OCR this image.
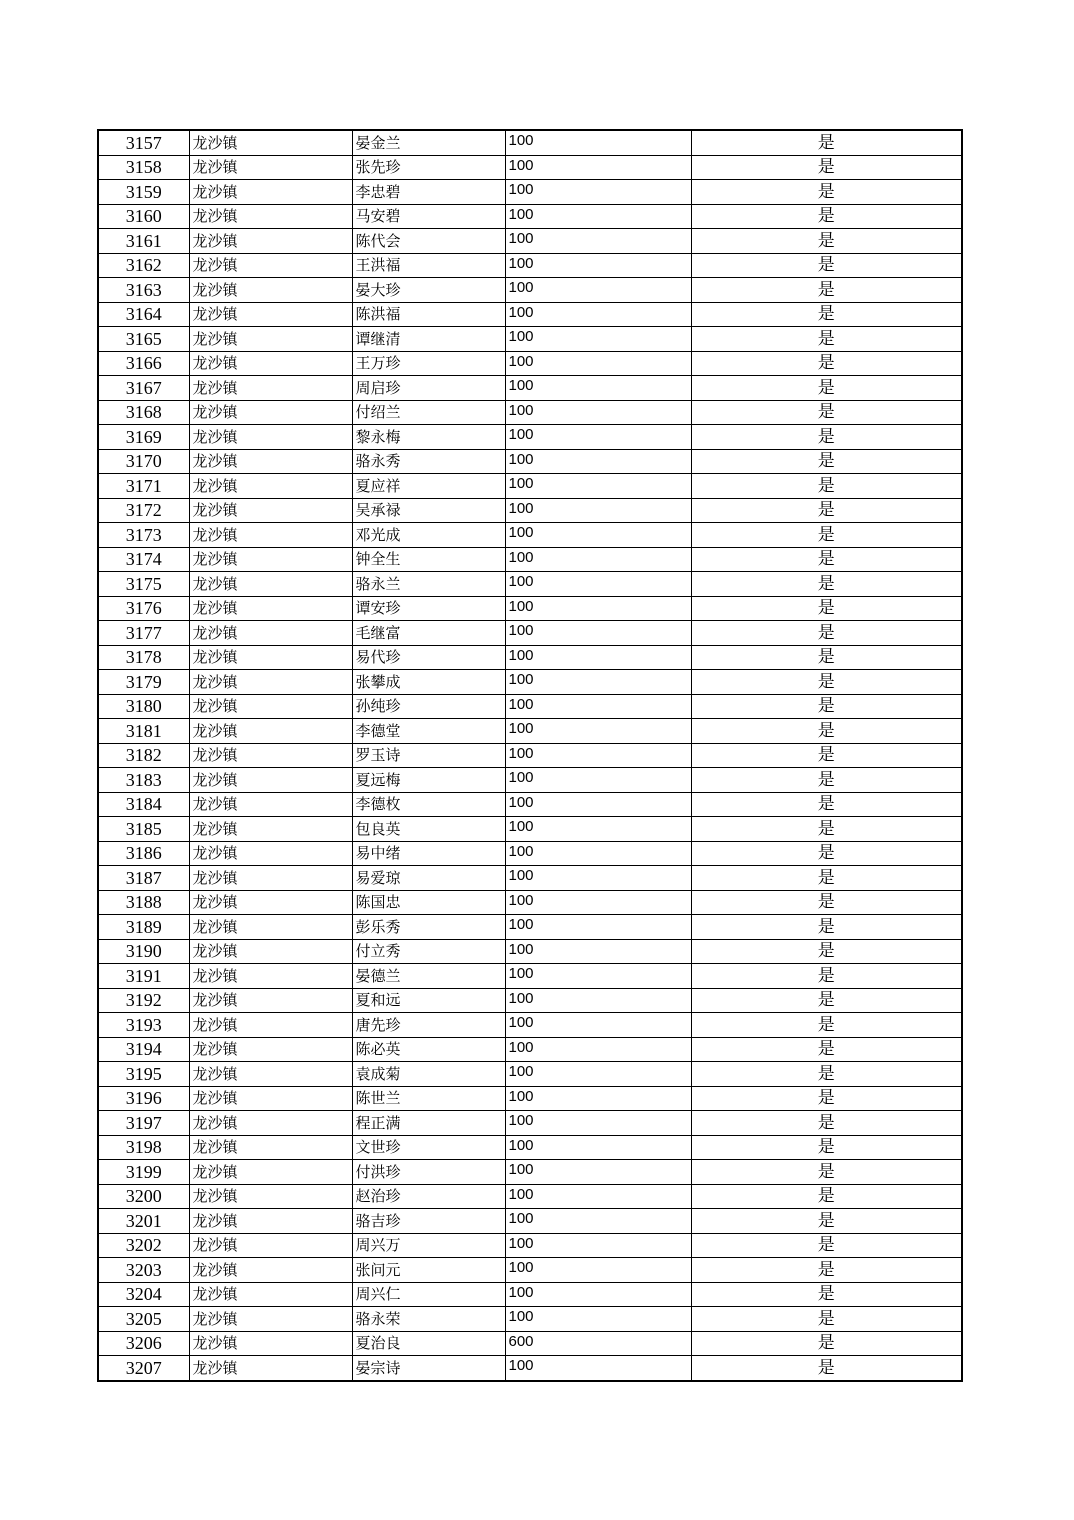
3157	龙沙镇	晏金兰	100	是
3158	龙沙镇	张先珍	100	是
3159	龙沙镇	李忠碧	100	是
3160	龙沙镇	马安碧	100	是
3161	龙沙镇	陈代会	100	是
3162	龙沙镇	王洪福	100	是
3163	龙沙镇	晏大珍	100	是
3164	龙沙镇	陈洪福	100	是
3165	龙沙镇	谭继清	100	是
3166	龙沙镇	王万珍	100	是
3167	龙沙镇	周启珍	100	是
3168	龙沙镇	付绍兰	100	是
3169	龙沙镇	黎永梅	100	是
3170	龙沙镇	骆永秀	100	是
3171	龙沙镇	夏应祥	100	是
3172	龙沙镇	吴承禄	100	是
3173	龙沙镇	邓光成	100	是
3174	龙沙镇	钟全生	100	是
3175	龙沙镇	骆永兰	100	是
3176	龙沙镇	谭安珍	100	是
3177	龙沙镇	毛继富	100	是
3178	龙沙镇	易代珍	100	是
3179	龙沙镇	张攀成	100	是
3180	龙沙镇	孙纯珍	100	是
3181	龙沙镇	李德堂	100	是
3182	龙沙镇	罗玉诗	100	是
3183	龙沙镇	夏远梅	100	是
3184	龙沙镇	李德枚	100	是
3185	龙沙镇	包良英	100	是
3186	龙沙镇	易中绪	100	是
3187	龙沙镇	易爱琼	100	是
3188	龙沙镇	陈国忠	100	是
3189	龙沙镇	彭乐秀	100	是
3190	龙沙镇	付立秀	100	是
3191	龙沙镇	晏德兰	100	是
3192	龙沙镇	夏和远	100	是
3193	龙沙镇	唐先珍	100	是
3194	龙沙镇	陈必英	100	是
3195	龙沙镇	袁成菊	100	是
3196	龙沙镇	陈世兰	100	是
3197	龙沙镇	程正满	100	是
3198	龙沙镇	文世珍	100	是
3199	龙沙镇	付洪珍	100	是
3200	龙沙镇	赵治珍	100	是
3201	龙沙镇	骆吉珍	100	是
3202	龙沙镇	周兴万	100	是
3203	龙沙镇	张问元	100	是
3204	龙沙镇	周兴仁	100	是
3205	龙沙镇	骆永荣	100	是
3206	龙沙镇	夏治良	600	是
3207	龙沙镇	晏宗诗	100	是
